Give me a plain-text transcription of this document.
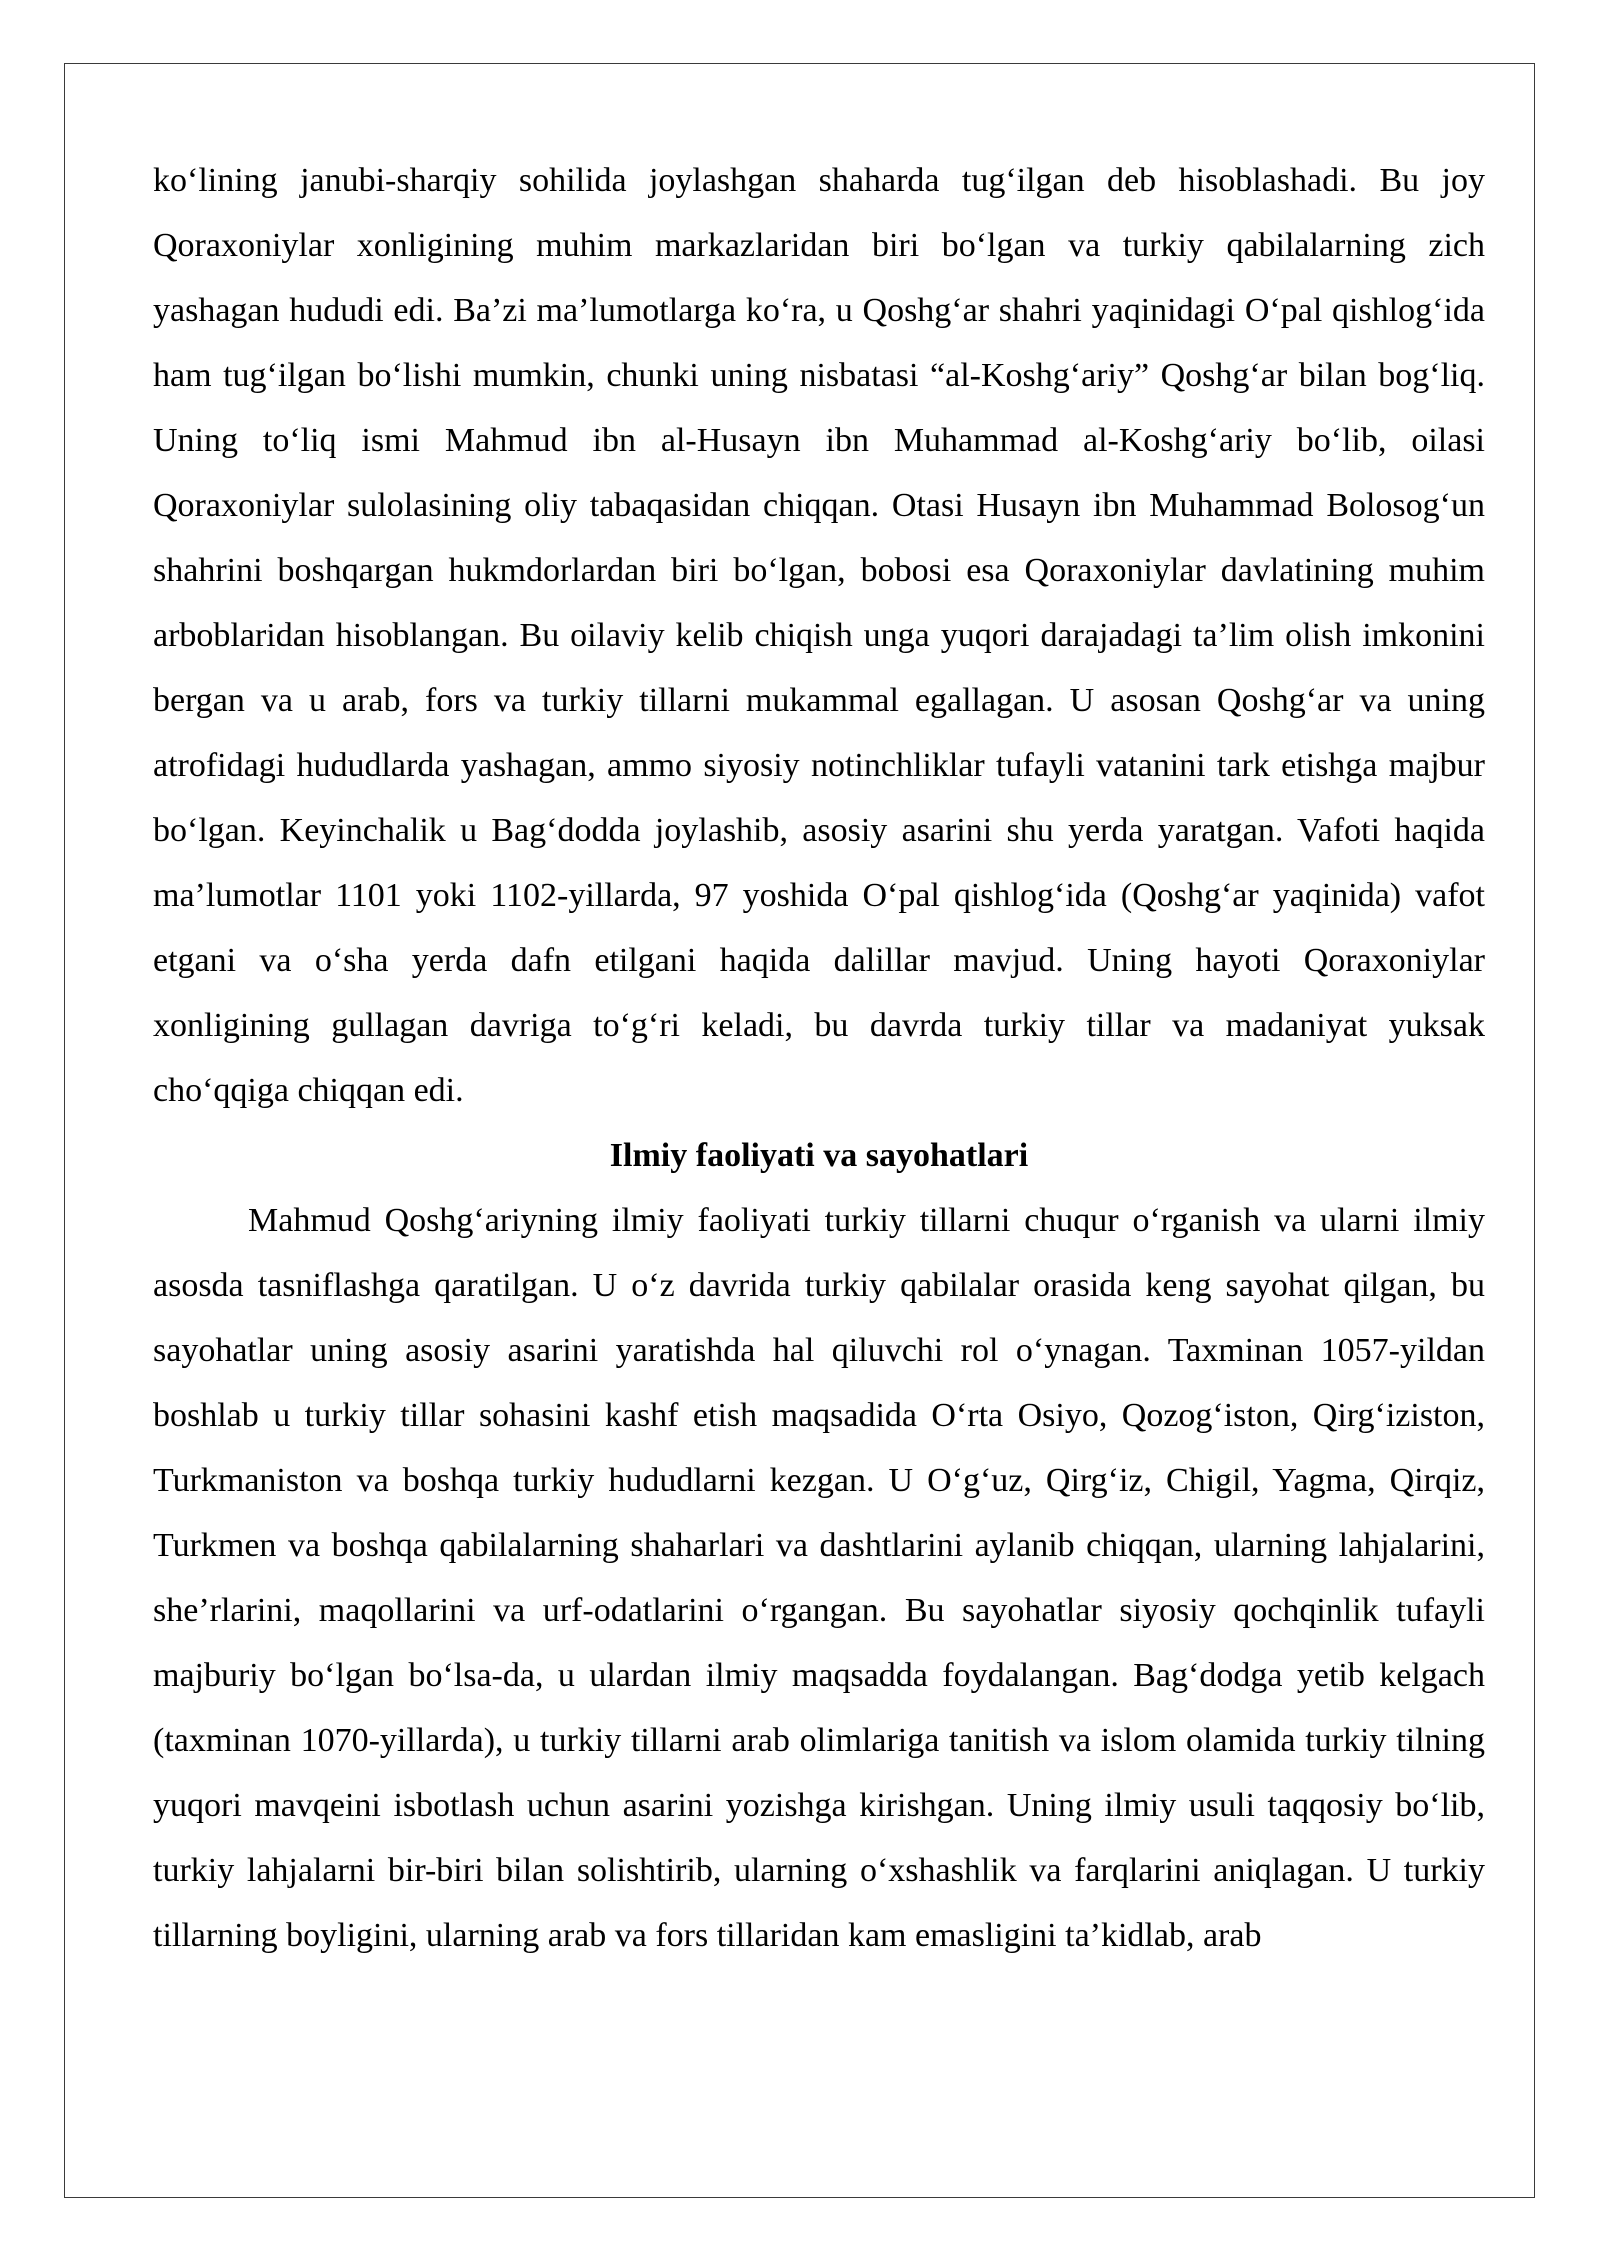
ko‘lining janubi-sharqiy sohilida joylashgan shaharda tug‘ilgan deb hisoblashadi. Bu joy Qoraxoniylar xonligining muhim markazlaridan biri bo‘lgan va turkiy qabilalarning zich yashagan hududi edi. Ba’zi ma’lumotlarga ko‘ra, u Qoshg‘ar shahri yaqinidagi O‘pal qishlog‘ida ham tug‘ilgan bo‘lishi mumkin, chunki uning nisbatasi “al-Koshg‘ariy” Qoshg‘ar bilan bog‘liq. Uning to‘liq ismi Mahmud ibn al-Husayn ibn Muhammad al-Koshg‘ariy bo‘lib, oilasi Qoraxoniylar sulolasining oliy tabaqasidan chiqqan. Otasi Husayn ibn Muhammad Bolosog‘un shahrini boshqargan hukmdorlardan biri bo‘lgan, bobosi esa Qoraxoniylar davlatining muhim arboblaridan hisoblangan. Bu oilaviy kelib chiqish unga yuqori darajadagi ta’lim olish imkonini bergan va u arab, fors va turkiy tillarni mukammal egallagan. U asosan Qoshg‘ar va uning atrofidagi hududlarda yashagan, ammo siyosiy notinchliklar tufayli vatanini tark etishga majbur bo‘lgan. Keyinchalik u Bag‘dodda joylashib, asosiy asarini shu yerda yaratgan. Vafoti haqida ma’lumotlar 1101 yoki 1102-yillarda, 97 yoshida O‘pal qishlog‘ida (Qoshg‘ar yaqinida) vafot etgani va o‘sha yerda dafn etilgani haqida dalillar mavjud. Uning hayoti Qoraxoniylar xonligining gullagan davriga to‘g‘ri keladi, bu davrda turkiy tillar va madaniyat yuksak cho‘qqiga chiqqan edi.

Ilmiy faoliyati va sayohatlari

Mahmud Qoshg‘ariyning ilmiy faoliyati turkiy tillarni chuqur o‘rganish va ularni ilmiy asosda tasniflashga qaratilgan. U o‘z davrida turkiy qabilalar orasida keng sayohat qilgan, bu sayohatlar uning asosiy asarini yaratishda hal qiluvchi rol o‘ynagan. Taxminan 1057-yildan boshlab u turkiy tillar sohasini kashf etish maqsadida O‘rta Osiyo, Qozog‘iston, Qirg‘iziston, Turkmaniston va boshqa turkiy hududlarni kezgan. U O‘g‘uz, Qirg‘iz, Chigil, Yagma, Qirqiz, Turkmen va boshqa qabilalarning shaharlari va dashtlarini aylanib chiqqan, ularning lahjalarini, she’rlarini, maqollarini va urf-odatlarini o‘rgangan. Bu sayohatlar siyosiy qochqinlik tufayli majburiy bo‘lgan bo‘lsa-da, u ulardan ilmiy maqsadda foydalangan. Bag‘dodga yetib kelgach (taxminan 1070-yillarda), u turkiy tillarni arab olimlariga tanitish va islom olamida turkiy tilning yuqori mavqeini isbotlash uchun asarini yozishga kirishgan. Uning ilmiy usuli taqqosiy bo‘lib, turkiy lahjalarni bir-biri bilan solishtirib, ularning o‘xshashlik va farqlarini aniqlagan. U turkiy tillarning boyligini, ularning arab va fors tillaridan kam emasligini ta’kidlab, arab
